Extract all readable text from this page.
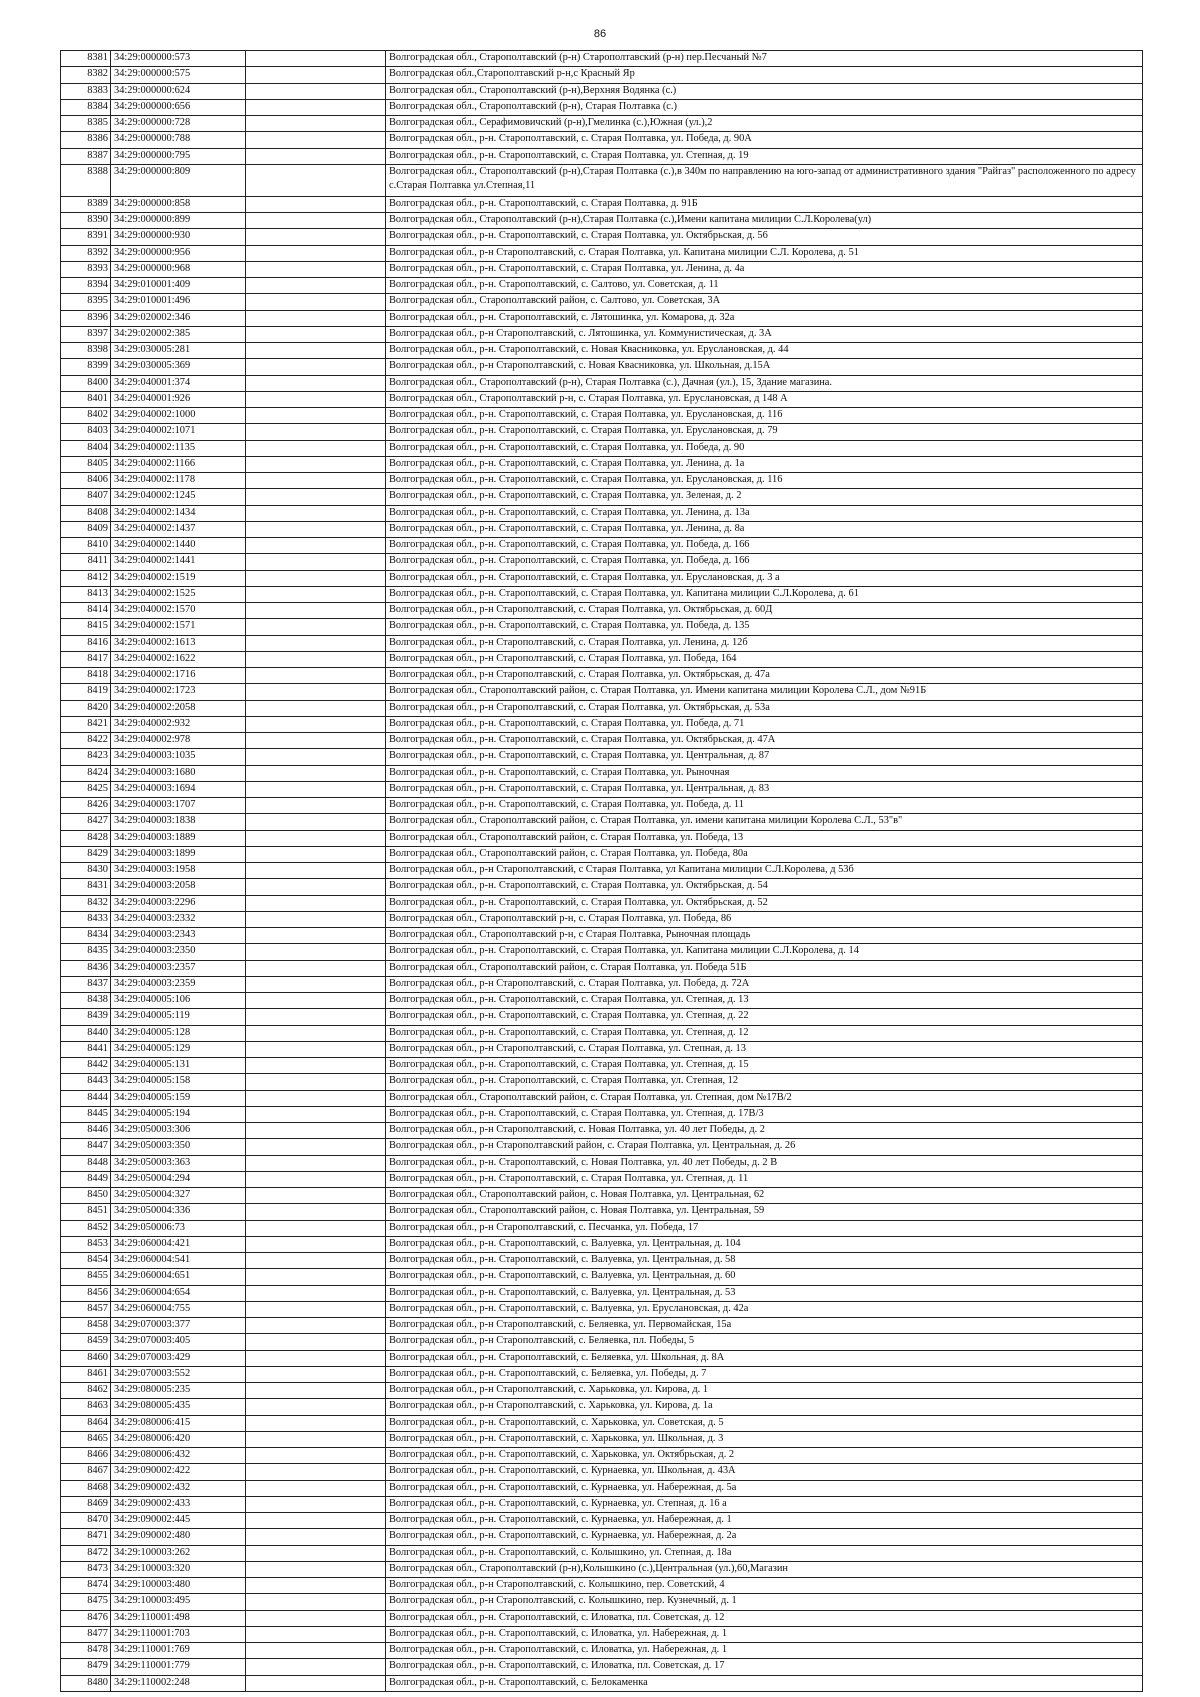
86
8381	34:29:000000:573		Волгоградская обл., Старополтавский (р-н) Старополтавский (р-н) пер.Песчаный №7
8382	34:29:000000:575		Волгоградская обл.,Старополтавский р-н,с Красный Яр
8383	34:29:000000:624		Волгоградская обл., Старополтавский (р-н),Верхняя Водянка (с.)
8384	34:29:000000:656		Волгоградская обл., Старополтавский (р-н), Старая Полтавка (с.)
8385	34:29:000000:728		Волгоградская обл., Серафимовичский (р-н),Гмелинка (с.),Южная (ул.),2
8386	34:29:000000:788		Волгоградская обл., р-н. Старополтавский, с. Старая Полтавка, ул. Победа, д. 90А
8387	34:29:000000:795		Волгоградская обл., р-н. Старополтавский, с. Старая Полтавка, ул. Степная, д. 19
8388	34:29:000000:809		Волгоградская обл., Старополтавский (р-н),Старая Полтавка (с.),в 340м по направлению на юго-запад от административного здания "Райгаз" расположенного по адресу с.Старая Полтавка ул.Степная,11
8389	34:29:000000:858		Волгоградская обл., р-н. Старополтавский, с. Старая Полтавка, д. 91Б
8390	34:29:000000:899		Волгоградская обл., Старополтавский (р-н),Старая Полтавка (с.),Имени капитана милиции С.Л.Королева(ул)
8391	34:29:000000:930		Волгоградская обл., р-н. Старополтавский, с. Старая Полтавка, ул. Октябрьская, д. 56
8392	34:29:000000:956		Волгоградская обл., р-н Старополтавский, с. Старая Полтавка, ул. Капитана милиции С.Л. Королева, д. 51
8393	34:29:000000:968		Волгоградская обл., р-н. Старополтавский, с. Старая Полтавка, ул. Ленина, д. 4а
8394	34:29:010001:409		Волгоградская обл., р-н. Старополтавский, с. Салтово, ул. Советская, д. 11
8395	34:29:010001:496		Волгоградская обл., Старополтавский район, с. Салтово, ул. Советская, 3А
8396	34:29:020002:346		Волгоградская обл., р-н. Старополтавский, с. Лятошинка, ул. Комарова, д. 32а
8397	34:29:020002:385		Волгоградская обл., р-н Старополтавский, с. Лятошинка, ул. Коммунистическая, д. 3А
8398	34:29:030005:281		Волгоградская обл., р-н. Старополтавский, с. Новая Квасниковка, ул. Еруслановская, д. 44
8399	34:29:030005:369		Волгоградская обл., р-н Старополтавский, с. Новая Квасниковка, ул. Школьная, д.15А
8400	34:29:040001:374		Волгоградская обл., Старополтавский (р-н), Старая Полтавка (с.), Дачная (ул.), 15, Здание магазина.
8401	34:29:040001:926		Волгоградская обл., Старополтавский р-н, с. Старая Полтавка, ул. Еруслановская, д 148 А
8402	34:29:040002:1000		Волгоградская обл., р-н. Старополтавский, с. Старая Полтавка, ул. Еруслановская, д. 116
8403	34:29:040002:1071		Волгоградская обл., р-н. Старополтавский, с. Старая Полтавка, ул. Еруслановская, д. 79
8404	34:29:040002:1135		Волгоградская обл., р-н. Старополтавский, с. Старая Полтавка, ул. Победа, д. 90
8405	34:29:040002:1166		Волгоградская обл., р-н. Старополтавский, с. Старая Полтавка, ул. Ленина, д. 1а
8406	34:29:040002:1178		Волгоградская обл., р-н. Старополтавский, с. Старая Полтавка, ул. Еруслановская, д. 116
8407	34:29:040002:1245		Волгоградская обл., р-н. Старополтавский, с. Старая Полтавка, ул. Зеленая, д. 2
8408	34:29:040002:1434		Волгоградская обл., р-н. Старополтавский, с. Старая Полтавка, ул. Ленина, д. 13а
8409	34:29:040002:1437		Волгоградская обл., р-н. Старополтавский, с. Старая Полтавка, ул. Ленина, д. 8а
8410	34:29:040002:1440		Волгоградская обл., р-н. Старополтавский, с. Старая Полтавка, ул. Победа, д. 166
8411	34:29:040002:1441		Волгоградская обл., р-н. Старополтавский, с. Старая Полтавка, ул. Победа, д. 166
8412	34:29:040002:1519		Волгоградская обл., р-н. Старополтавский, с. Старая Полтавка, ул. Еруслановская, д. 3 а
8413	34:29:040002:1525		Волгоградская обл., р-н. Старополтавский, с. Старая Полтавка, ул. Капитана милиции С.Л.Королева, д. 61
8414	34:29:040002:1570		Волгоградская обл., р-н Старополтавский, с. Старая Полтавка, ул. Октябрьская, д. 60Д
8415	34:29:040002:1571		Волгоградская обл., р-н. Старополтавский, с. Старая Полтавка, ул. Победа, д. 135
8416	34:29:040002:1613		Волгоградская обл., р-н Старополтавский, с. Старая Полтавка, ул. Ленина, д. 12б
8417	34:29:040002:1622		Волгоградская обл., р-н Старополтавский, с. Старая Полтавка, ул. Победа, 164
8418	34:29:040002:1716		Волгоградская обл., р-н Старополтавский, с. Старая Полтавка, ул. Октябрьская, д. 47а
8419	34:29:040002:1723		Волгоградская обл., Старополтавский район, с. Старая Полтавка, ул. Имени капитана милиции Королева С.Л., дом №91Б
8420	34:29:040002:2058		Волгоградская обл., р-н Старополтавский, с. Старая Полтавка, ул. Октябрьская, д. 53а
8421	34:29:040002:932		Волгоградская обл., р-н. Старополтавский, с. Старая Полтавка, ул. Победа, д. 71
8422	34:29:040002:978		Волгоградская обл., р-н. Старополтавский, с. Старая Полтавка, ул. Октябрьская, д. 47А
8423	34:29:040003:1035		Волгоградская обл., р-н. Старополтавский, с. Старая Полтавка, ул. Центральная, д. 87
8424	34:29:040003:1680		Волгоградская обл., р-н. Старополтавский, с. Старая Полтавка, ул. Рыночная
8425	34:29:040003:1694		Волгоградская обл., р-н. Старополтавский, с. Старая Полтавка, ул. Центральная, д. 83
8426	34:29:040003:1707		Волгоградская обл., р-н. Старополтавский, с. Старая Полтавка, ул. Победа, д. 11
8427	34:29:040003:1838		Волгоградская обл., Старополтавский район, с. Старая Полтавка, ул. имени капитана милиции Королева С.Л., 53"в"
8428	34:29:040003:1889		Волгоградская обл., Старополтавский район, с. Старая Полтавка, ул. Победа, 13
8429	34:29:040003:1899		Волгоградская обл., Старополтавский район, с. Старая Полтавка, ул. Победа, 80а
8430	34:29:040003:1958		Волгоградская обл., р-н Старополтавский, с Старая Полтавка, ул Капитана милиции С.Л.Королева, д 53б
8431	34:29:040003:2058		Волгоградская обл., р-н. Старополтавский, с. Старая Полтавка, ул. Октябрьская, д. 54
8432	34:29:040003:2296		Волгоградская обл., р-н. Старополтавский, с. Старая Полтавка, ул. Октябрьская, д. 52
8433	34:29:040003:2332		Волгоградская обл., Старополтавский р-н, с. Старая Полтавка, ул. Победа, 86
8434	34:29:040003:2343		Волгоградская обл., Старополтавский р-н, с Старая Полтавка, Рыночная площадь
8435	34:29:040003:2350		Волгоградская обл., р-н. Старополтавский, с. Старая Полтавка, ул. Капитана милиции С.Л.Королева, д. 14
8436	34:29:040003:2357		Волгоградская обл., Старополтавский район, с. Старая Полтавка, ул. Победа 51Б
8437	34:29:040003:2359		Волгоградская обл., р-н Старополтавский, с. Старая Полтавка, ул. Победа, д. 72А
8438	34:29:040005:106		Волгоградская обл., р-н. Старополтавский, с. Старая Полтавка, ул. Степная, д. 13
8439	34:29:040005:119		Волгоградская обл., р-н. Старополтавский, с. Старая Полтавка, ул. Степная, д. 22
8440	34:29:040005:128		Волгоградская обл., р-н. Старополтавский, с. Старая Полтавка, ул. Степная, д. 12
8441	34:29:040005:129		Волгоградская обл., р-н Старополтавский, с. Старая Полтавка, ул. Степная, д. 13
8442	34:29:040005:131		Волгоградская обл., р-н. Старополтавский, с. Старая Полтавка, ул. Степная, д. 15
8443	34:29:040005:158		Волгоградская обл., р-н. Старополтавский, с. Старая Полтавка, ул. Степная, 12
8444	34:29:040005:159		Волгоградская обл., Старополтавский район, с. Старая Полтавка, ул. Степная, дом №17В/2
8445	34:29:040005:194		Волгоградская обл., р-н. Старополтавский, с. Старая Полтавка, ул. Степная, д. 17В/3
8446	34:29:050003:306		Волгоградская обл., р-н Старополтавский, с. Новая Полтавка, ул. 40 лет Победы, д. 2
8447	34:29:050003:350		Волгоградская обл., р-н Старополтавский район, с. Старая Полтавка, ул. Центральная, д. 26
8448	34:29:050003:363		Волгоградская обл., р-н. Старополтавский, с. Новая Полтавка, ул. 40 лет Победы, д. 2 В
8449	34:29:050004:294		Волгоградская обл., р-н. Старополтавский, с. Старая Полтавка, ул. Степная, д. 11
8450	34:29:050004:327		Волгоградская обл., Старополтавский район, с. Новая Полтавка, ул. Центральная, 62
8451	34:29:050004:336		Волгоградская обл., Старополтавский район, с. Новая Полтавка, ул. Центральная, 59
8452	34:29:050006:73		Волгоградская обл., р-н Старополтавский, с. Песчанка, ул. Победа, 17
8453	34:29:060004:421		Волгоградская обл., р-н. Старополтавский, с. Валуевка, ул. Центральная, д. 104
8454	34:29:060004:541		Волгоградская обл., р-н. Старополтавский, с. Валуевка, ул. Центральная, д. 58
8455	34:29:060004:651		Волгоградская обл., р-н. Старополтавский, с. Валуевка, ул. Центральная, д. 60
8456	34:29:060004:654		Волгоградская обл., р-н. Старополтавский, с. Валуевка, ул. Центральная, д. 53
8457	34:29:060004:755		Волгоградская обл., р-н. Старополтавский, с. Валуевка, ул. Еруслановская, д. 42а
8458	34:29:070003:377		Волгоградская обл., р-н Старополтавский, с. Беляевка, ул. Первомайская, 15а
8459	34:29:070003:405		Волгоградская обл., р-н Старополтавский, с. Беляевка, пл. Победы, 5
8460	34:29:070003:429		Волгоградская обл., р-н. Старополтавский, с. Беляевка, ул. Школьная, д. 8А
8461	34:29:070003:552		Волгоградская обл., р-н. Старополтавский, с. Беляевка, ул. Победы, д. 7
8462	34:29:080005:235		Волгоградская обл., р-н Старополтавский, с. Харьковка, ул. Кирова, д. 1
8463	34:29:080005:435		Волгоградская обл., р-н Старополтавский, с. Харьковка, ул. Кирова, д. 1а
8464	34:29:080006:415		Волгоградская обл., р-н. Старополтавский, с. Харьковка, ул. Советская, д. 5
8465	34:29:080006:420		Волгоградская обл., р-н. Старополтавский, с. Харьковка, ул. Школьная, д. 3
8466	34:29:080006:432		Волгоградская обл., р-н. Старополтавский, с. Харьковка, ул. Октябрьская, д. 2
8467	34:29:090002:422		Волгоградская обл., р-н. Старополтавский, с. Курнаевка, ул. Школьная, д. 43А
8468	34:29:090002:432		Волгоградская обл., р-н. Старополтавский, с. Курнаевка, ул. Набережная, д. 5а
8469	34:29:090002:433		Волгоградская обл., р-н. Старополтавский, с. Курнаевка, ул. Степная, д. 16 а
8470	34:29:090002:445		Волгоградская обл., р-н. Старополтавский, с. Курнаевка, ул. Набережная, д. 1
8471	34:29:090002:480		Волгоградская обл., р-н. Старополтавский, с. Курнаевка, ул. Набережная, д. 2а
8472	34:29:100003:262		Волгоградская обл., р-н. Старополтавский, с. Колышкино, ул. Степная, д. 18а
8473	34:29:100003:320		Волгоградская обл., Старополтавский (р-н),Колышкино (с.),Центральная (ул.),60,Магазин
8474	34:29:100003:480		Волгоградская обл., р-н Старополтавский, с. Колышкино, пер. Советский, 4
8475	34:29:100003:495		Волгоградская обл., р-н Старополтавский, с. Колышкино, пер. Кузнечный, д. 1
8476	34:29:110001:498		Волгоградская обл., р-н. Старополтавский, с. Иловатка, пл. Советская, д. 12
8477	34:29:110001:703		Волгоградская обл., р-н. Старополтавский, с. Иловатка, ул. Набережная, д. 1
8478	34:29:110001:769		Волгоградская обл., р-н. Старополтавский, с. Иловатка, ул. Набережная, д. 1
8479	34:29:110001:779		Волгоградская обл., р-н. Старополтавский, с. Иловатка, пл. Советская, д. 17
8480	34:29:110002:248		Волгоградская обл., р-н. Старополтавский, с. Белокаменка
